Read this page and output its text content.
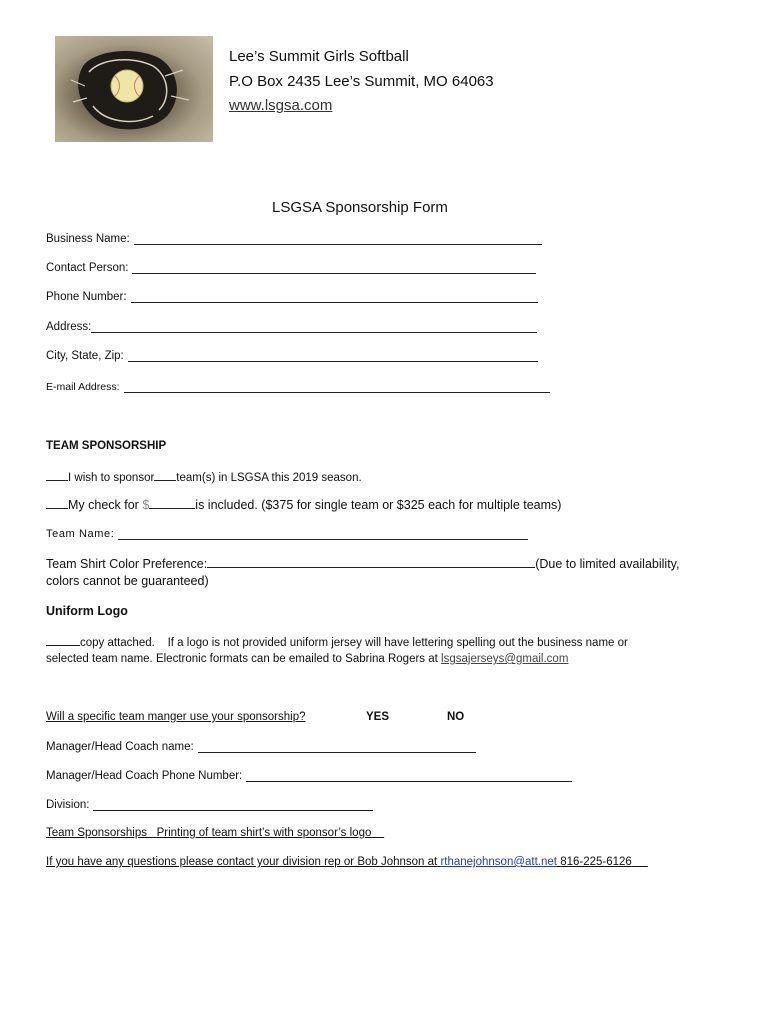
Lee’s Summit Girls Softball
P.O Box 2435 Lee’s Summit, MO 64063
www.lsgsa.com
LSGSA Sponsorship Form
Business Name:
Contact Person:
Phone Number:
Address:
City, State, Zip:
E-mail Address:
TEAM SPONSORSHIP
I wish to sponsor team(s) in LSGSA this 2019 season.
My check for $	is included. ($375 for single team or $325 each for multiple teams)
Team Name:
Team Shirt Color Preference:	(Due to limited availability,
colors cannot be guaranteed)
Uniform Logo
copy attached. If a logo is not provided uniform jersey will have lettering spelling out the business name or
selected team name. Electronic formats can be emailed to Sabrina Rogers at lsgsajerseys@gmail.com
Will a specific team manger use your sponsorship?	YES	NO
Manager/Head Coach name:
Manager/Head Coach Phone Number:
Division:
Team Sponsorships Printing of team shirt’s with sponsor’s logo
If you have any questions please contact your division rep or Bob Johnson at rthanejohnson@att.net 816-225-6126
